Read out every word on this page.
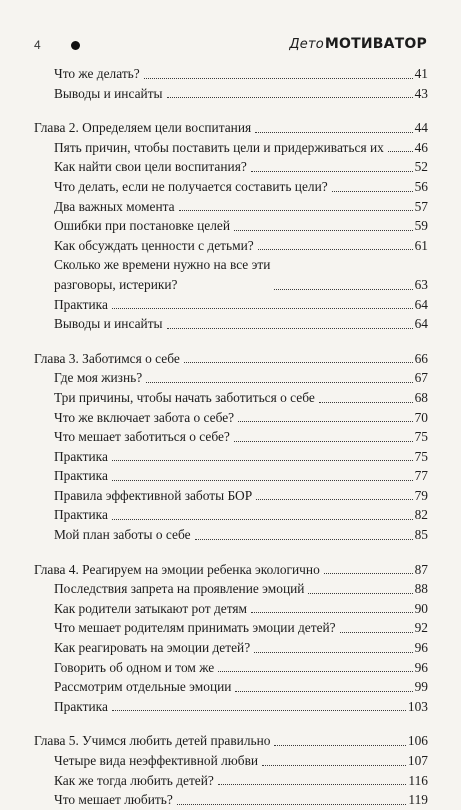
4	ДетоМОТИВАТОР
Что же делать?	41
Выводы и инсайты	43
Глава 2. Определяем цели воспитания	44
Пять причин, чтобы поставить цели и придерживаться их 46
Как найти свои цели воспитания?	52
Что делать, если не получается составить цели?	56
Два важных момента	57
Ошибки при постановке целей	59
Как обсуждать ценности с детьми?	61
Сколько же времени нужно на все эти
разговоры, истерики?	63
Практика	64
Выводы и инсайты	64
Глава 3. Заботимся о себе	66
Где моя жизнь?	67
Три причины, чтобы начать заботиться о себе	68
Что же включает забота о себе?	70
Что мешает заботиться о себе?	75
Практика	75
Практика	77
Правила эффективной заботы БОР	79
Практика	82
Мой план заботы о себе	85
Глава 4. Реагируем на эмоции ребенка экологично	87
Последствия запрета на проявление эмоций	88
Как родители затыкают рот детям	90
Что мешает родителям принимать эмоции детей?	92
Как реагировать на эмоции детей?	96
Говорить об одном и том же	96
Рассмотрим отдельные эмоции	99
Практика	103
Глава 5. Учимся любить детей правильно	106
Четыре вида неэффективной любви	107
Как же тогда любить детей?	116
Что мешает любить?	119
